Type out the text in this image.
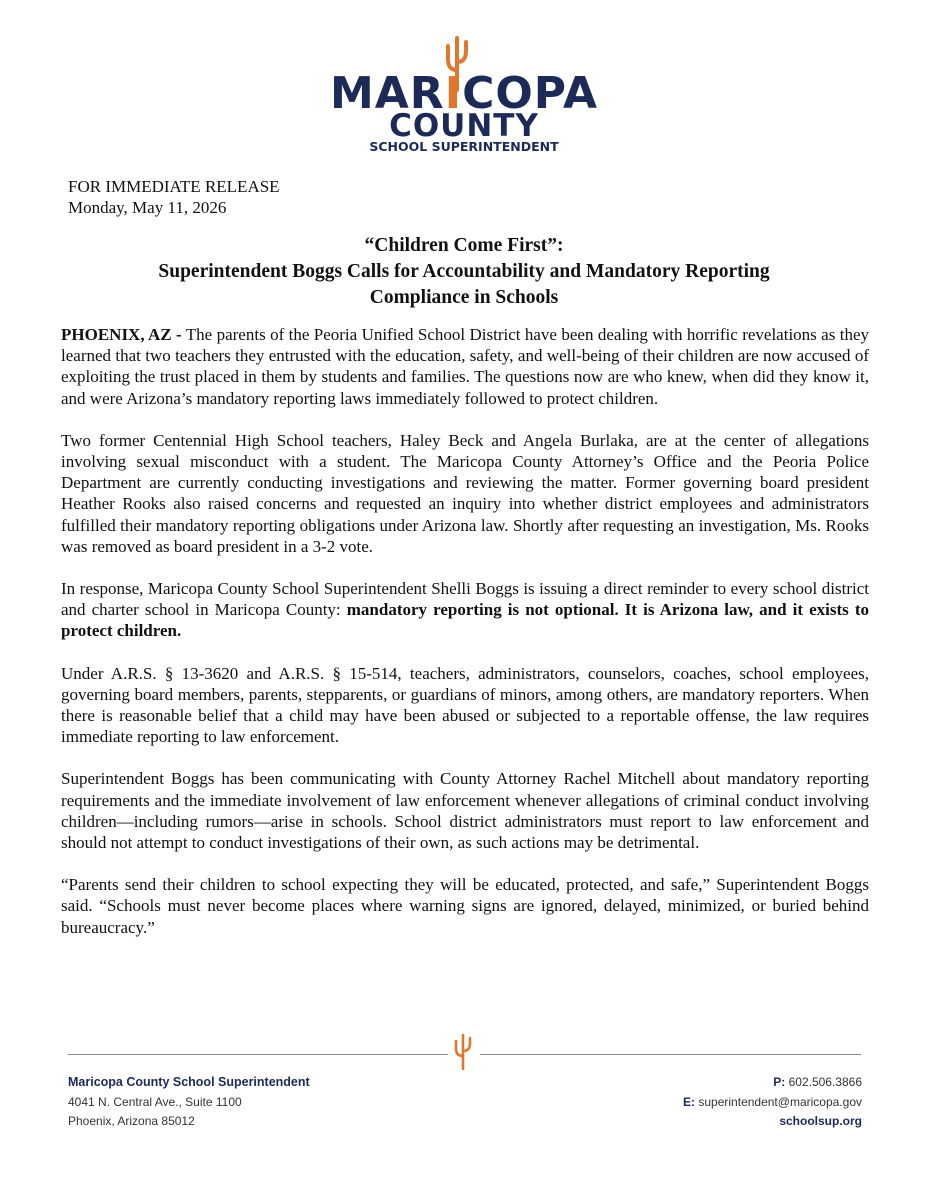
MARICOPA
COUNTY
SCHOOL SUPERINTENDENT
FOR IMMEDIATE RELEASE
Monday, May 11, 2026
“Children Come First”:
Superintendent Boggs Calls for Accountability and Mandatory Reporting
Compliance in Schools

PHOENIX, AZ - The parents of the Peoria Unified School District have been dealing with horrific revelations as they learned that two teachers they entrusted with the education, safety, and well-being of their children are now accused of exploiting the trust placed in them by students and families. The questions now are who knew, when did they know it, and were Arizona’s mandatory reporting laws immediately followed to protect children.

Two former Centennial High School teachers, Haley Beck and Angela Burlaka, are at the center of allegations involving sexual misconduct with a student. The Maricopa County Attorney’s Office and the Peoria Police Department are currently conducting investigations and reviewing the matter. Former governing board president Heather Rooks also raised concerns and requested an inquiry into whether district employees and administrators fulfilled their mandatory reporting obligations under Arizona law. Shortly after requesting an investigation, Ms. Rooks was removed as board president in a 3-2 vote.

In response, Maricopa County School Superintendent Shelli Boggs is issuing a direct reminder to every school district and charter school in Maricopa County: mandatory reporting is not optional. It is Arizona law, and it exists to protect children.

Under A.R.S. § 13-3620 and A.R.S. § 15-514, teachers, administrators, counselors, coaches, school employees, governing board members, parents, stepparents, or guardians of minors, among others, are mandatory reporters. When there is reasonable belief that a child may have been abused or subjected to a reportable offense, the law requires immediate reporting to law enforcement.

Superintendent Boggs has been communicating with County Attorney Rachel Mitchell about mandatory reporting requirements and the immediate involvement of law enforcement whenever allegations of criminal conduct involving children—including rumors—arise in schools. School district administrators must report to law enforcement and should not attempt to conduct investigations of their own, as such actions may be detrimental.

“Parents send their children to school expecting they will be educated, protected, and safe,” Superintendent Boggs said. “Schools must never become places where warning signs are ignored, delayed, minimized, or buried behind bureaucracy.”

Maricopa County School Superintendent
4041 N. Central Ave., Suite 1100
Phoenix, Arizona 85012
P: 602.506.3866
E: superintendent@maricopa.gov
schoolsup.org
